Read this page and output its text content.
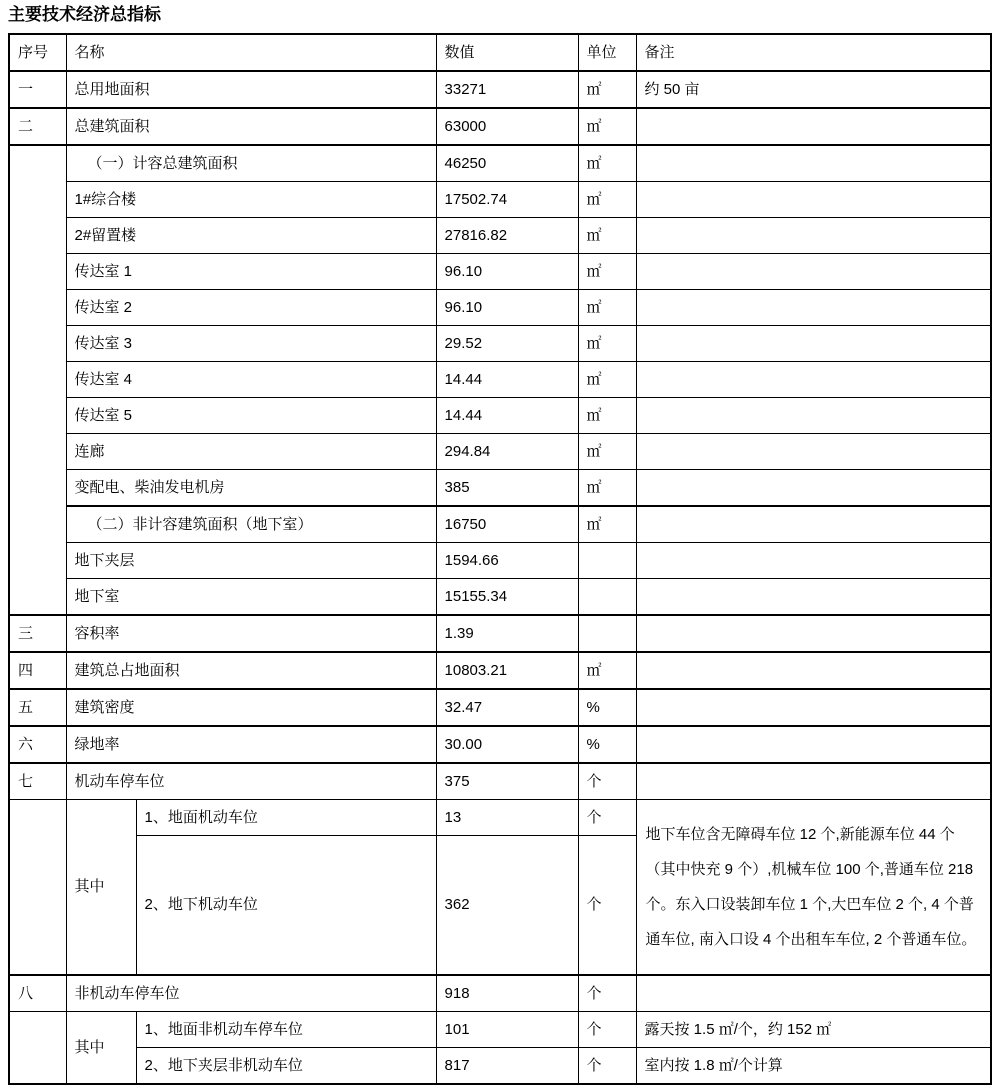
主要技术经济总指标
序号	名称		数值	单位	备注
一	总用地面积		33271	㎡	约 50 亩
二	总建筑面积		63000	㎡	
	（一）计容总建筑面积		46250	㎡	
	1#综合楼		17502.74	㎡	
	2#留置楼		27816.82	㎡	
	传达室 1		96.10	㎡	
	传达室 2		96.10	㎡	
	传达室 3		29.52	㎡	
	传达室 4		14.44	㎡	
	传达室 5		14.44	㎡	
	连廊		294.84	㎡	
	变配电、柴油发电机房		385	㎡	
	（二）非计容建筑面积（地下室）		16750	㎡	
	地下夹层		1594.66		
	地下室		15155.34		
三	容积率		1.39		
四	建筑总占地面积		10803.21	㎡	
五	建筑密度		32.47	%	
六	绿地率		30.00	%	
七	机动车停车位		375	个	
	其中	1、地面机动车位	13	个	地下车位含无障碍车位 12 个,新能源车位 44 个（其中快充 9 个）,机械车位 100 个,普通车位 218 个。东入口设装卸车位 1 个,大巴车位 2 个, 4 个普通车位, 南入口设 4 个出租车车位, 2 个普通车位。
		2、地下机动车位	362	个	
八	非机动车停车位		918	个	
	其中	1、地面非机动车停车位	101	个	露天按 1.5 ㎡/个，约 152 ㎡
		2、地下夹层非机动车位	817	个	室内按 1.8 ㎡/个计算
